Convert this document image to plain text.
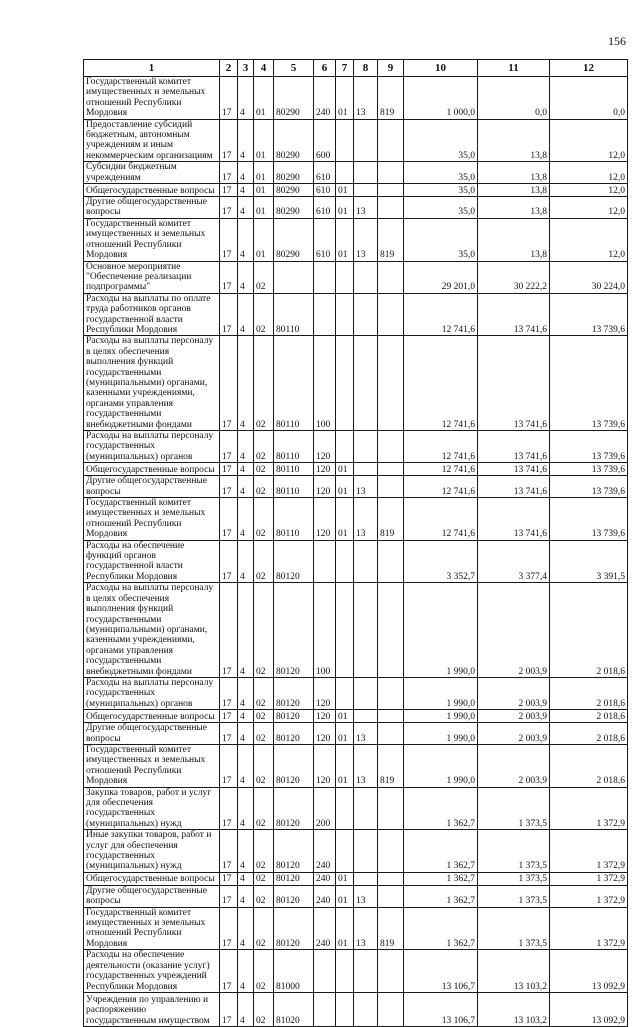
156
1	2	3	4	5	6	7	8	9	10	11	12
Государственный комитет имущественных и земельных отношений Республики Мордовия	17	4	01	80290	240	01	13	819	1 000,0	0,0	0,0
Предоставление субсидий бюджетным, автономным учреждениям и иным некоммерческим организациям	17	4	01	80290	600				35,0	13,8	12,0
Субсидии бюджетным учреждениям	17	4	01	80290	610				35,0	13,8	12,0
Общегосударственные вопросы	17	4	01	80290	610	01			35,0	13,8	12,0
Другие общегосударственные вопросы	17	4	01	80290	610	01	13		35,0	13,8	12,0
Государственный комитет имущественных и земельных отношений Республики Мордовия	17	4	01	80290	610	01	13	819	35,0	13,8	12,0
Основное мероприятие "Обеспечение реализации подпрограммы"	17	4	02						29 201,0	30 222,2	30 224,0
Расходы на выплаты по оплате труда работников органов государственной власти Республики Мордовия	17	4	02	80110					12 741,6	13 741,6	13 739,6
Расходы на выплаты персоналу в целях обеспечения выполнения функций государственными (муниципальными) органами, казенными учреждениями, органами управления государственными внебюджетными фондами	17	4	02	80110	100				12 741,6	13 741,6	13 739,6
Расходы на выплаты персоналу государственных (муниципальных) органов	17	4	02	80110	120				12 741,6	13 741,6	13 739,6
Общегосударственные вопросы	17	4	02	80110	120	01			12 741,6	13 741,6	13 739,6
Другие общегосударственные вопросы	17	4	02	80110	120	01	13		12 741,6	13 741,6	13 739,6
Государственный комитет имущественных и земельных отношений Республики Мордовия	17	4	02	80110	120	01	13	819	12 741,6	13 741,6	13 739,6
Расходы на обеспечение функций органов государственной власти Республики Мордовия	17	4	02	80120					3 352,7	3 377,4	3 391,5
Расходы на выплаты персоналу в целях обеспечения выполнения функций государственными (муниципальными) органами, казенными учреждениями, органами управления государственными внебюджетными фондами	17	4	02	80120	100				1 990,0	2 003,9	2 018,6
Расходы на выплаты персоналу государственных (муниципальных) органов	17	4	02	80120	120				1 990,0	2 003,9	2 018,6
Общегосударственные вопросы	17	4	02	80120	120	01			1 990,0	2 003,9	2 018,6
Другие общегосударственные вопросы	17	4	02	80120	120	01	13		1 990,0	2 003,9	2 018,6
Государственный комитет имущественных и земельных отношений Республики Мордовия	17	4	02	80120	120	01	13	819	1 990,0	2 003,9	2 018,6
Закупка товаров, работ и услуг для обеспечения государственных (муниципальных) нужд	17	4	02	80120	200				1 362,7	1 373,5	1 372,9
Иные закупки товаров, работ и услуг для обеспечения государственных (муниципальных) нужд	17	4	02	80120	240				1 362,7	1 373,5	1 372,9
Общегосударственные вопросы	17	4	02	80120	240	01			1 362,7	1 373,5	1 372,9
Другие общегосударственные вопросы	17	4	02	80120	240	01	13		1 362,7	1 373,5	1 372,9
Государственный комитет имущественных и земельных отношений Республики Мордовия	17	4	02	80120	240	01	13	819	1 362,7	1 373,5	1 372,9
Расходы на обеспечение деятельности (оказание услуг) государственных учреждений Республики Мордовия	17	4	02	81000					13 106,7	13 103,2	13 092,9
Учреждения по управлению и распоряжению государственным имуществом	17	4	02	81020					13 106,7	13 103,2	13 092,9
